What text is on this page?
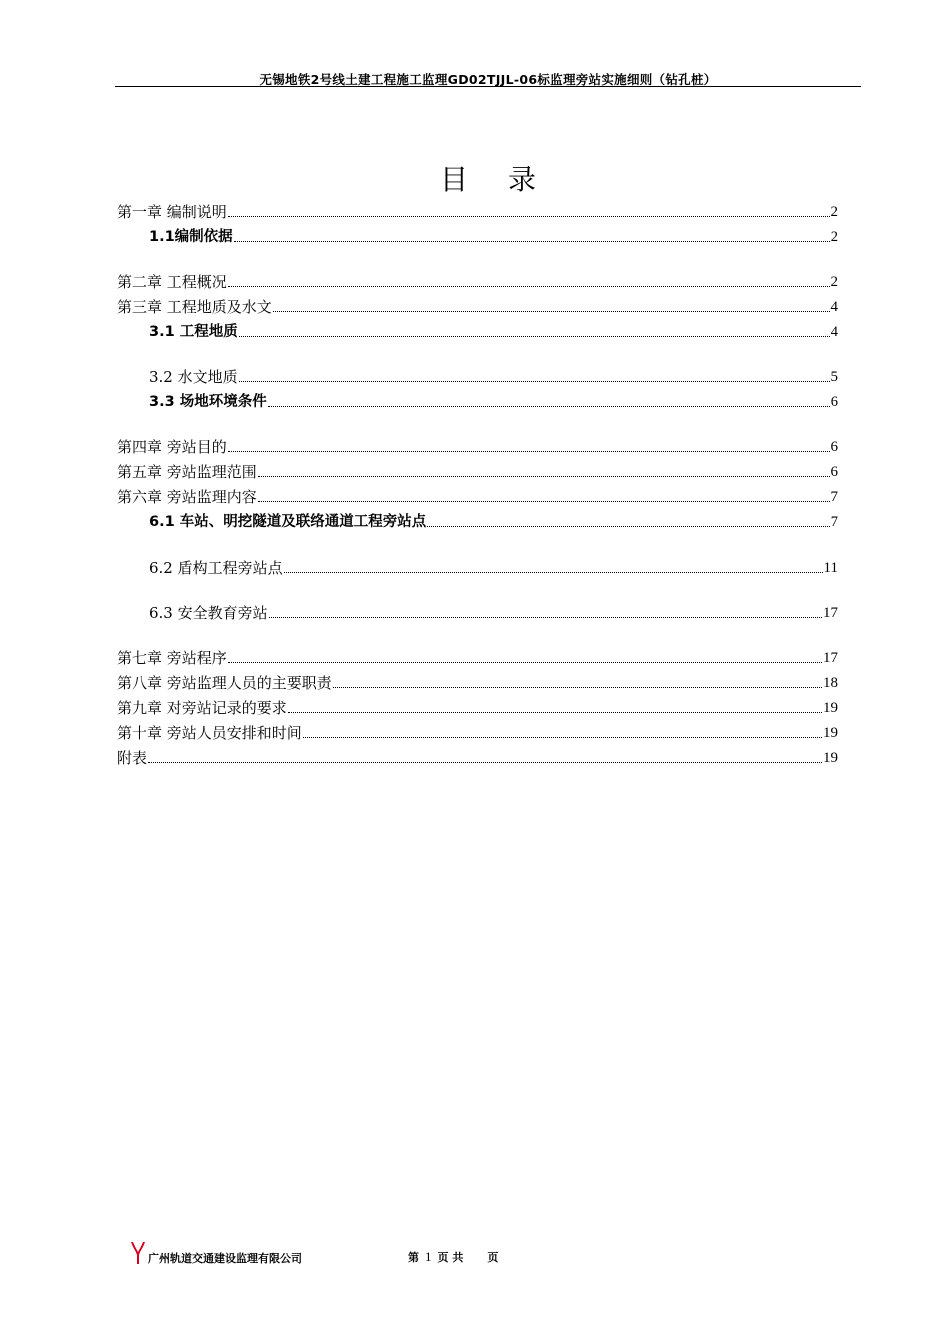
无锡地铁2号线土建工程施工监理GD02TJJL-06标监理旁站实施细则（钻孔桩）
目 录
第一章 编制说明	2
1.1编制依据	2
第二章 工程概况	2
第三章 工程地质及水文	4
3.1 工程地质	4
3.2 水文地质	5
3.3 场地环境条件	6
第四章 旁站目的	6
第五章 旁站监理范围	6
第六章 旁站监理内容	7
6.1 车站、明挖隧道及联络通道工程旁站点	7
6.2 盾构工程旁站点	11
6.3 安全教育旁站	17
第七章 旁站程序	17
第八章 旁站监理人员的主要职责	18
第九章 对旁站记录的要求	19
第十章 旁站人员安排和时间	19
附表	19
广州轨道交通建设监理有限公司	第 1 页 共 页
